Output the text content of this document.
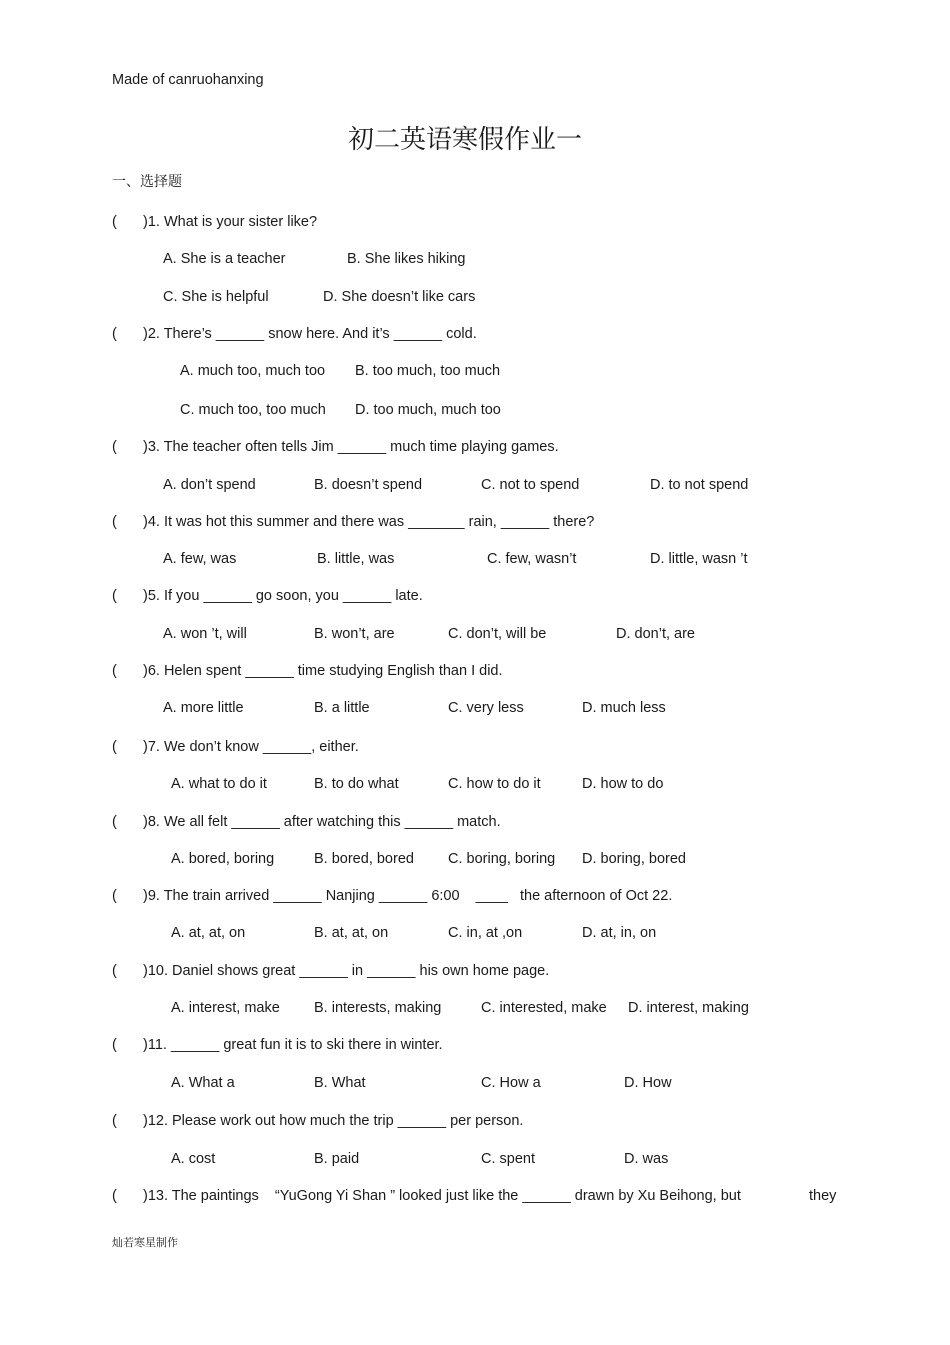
Made of canruohanxing
初二英语寒假作业一
一、选择题
( )1. What is your sister like?
A. She is a teacher	B. She likes hiking
C. She is helpful	D. She doesn’t like cars
( )2. There’s ______ snow here. And it’s ______ cold.
A. much too, much too B. too much, too much
C. much too, too much D. too much, much too
( )3. The teacher often tells Jim ______ much time playing games.
A. don’t spend	B. doesn’t spend	C. not to spend	D. to not spend
( )4. It was hot this summer and there was _______ rain, ______ there?
A. few, was	B. little, was	C. few, wasn’t	D. little, wasn ’t
( )5. If you ______ go soon, you ______ late.
A. won ’t, will	B. won’t, are	C. don’t, will be	D. don’t, are
( )6. Helen spent ______ time studying English than I did.
A. more little	B. a little	C. very less	D. much less
( )7. We don’t know ______, either.
A. what to do it	B. to do what	C. how to do it	D. how to do
( )8. We all felt ______ after watching this ______ match.
A. bored, boring	B. bored, bored C. boring, boring D. boring, bored
( )9. The train arrived ______ Nanjing ______ 6:00    ____   the afternoon of Oct 22.
A. at, at, on	B. at, at, on	C. in, at ,on	D. at, in, on
( )10. Daniel shows great ______ in ______ his own home page.
A. interest, make B. interests, making	C. interested, make D. interest, making
( )11. ______ great fun it is to ski there in winter.
A. What a	B. What	C. How a	D. How
( )12. Please work out how much the trip ______ per person.
A. cost	B. paid	C. spent	D. was
( )13. The paintings    “YuGong Yi Shan ” looked just like the ______ drawn by Xu Beihong, but	they
灿若寒星制作
